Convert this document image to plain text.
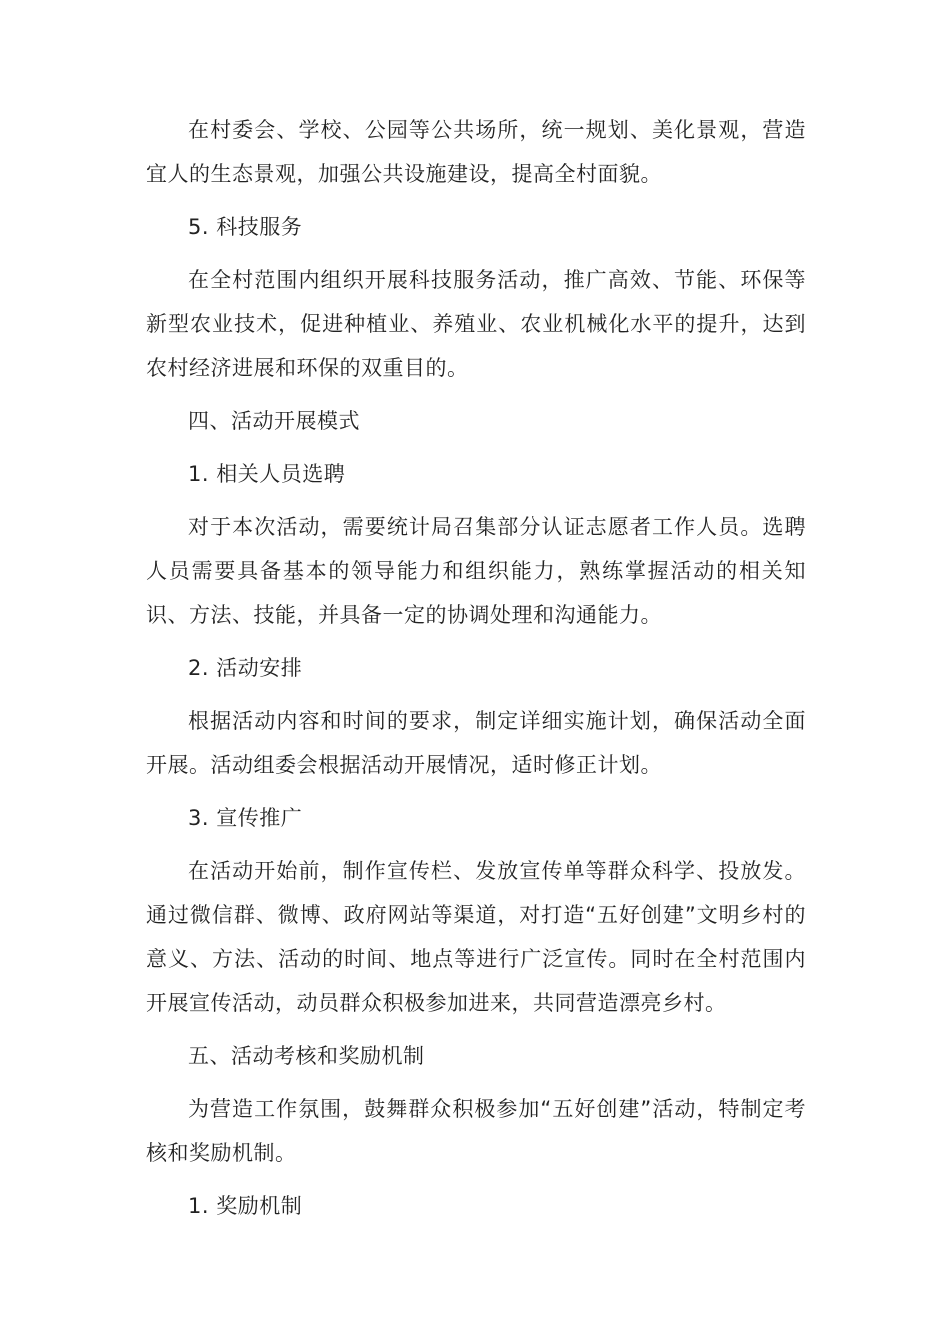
在村委会、学校、公园等公共场所，统一规划、美化景观，营造宜人的生态景观，加强公共设施建设，提高全村面貌。

5. 科技服务

在全村范围内组织开展科技服务活动，推广高效、节能、环保等新型农业技术，促进种植业、养殖业、农业机械化水平的提升，达到农村经济进展和环保的双重目的。

四、活动开展模式

1. 相关人员选聘

对于本次活动，需要统计局召集部分认证志愿者工作人员。选聘人员需要具备基本的领导能力和组织能力，熟练掌握活动的相关知识、方法、技能，并具备一定的协调处理和沟通能力。

2. 活动安排

根据活动内容和时间的要求，制定详细实施计划，确保活动全面开展。活动组委会根据活动开展情况，适时修正计划。

3. 宣传推广

在活动开始前，制作宣传栏、发放宣传单等群众科学、投放发。通过微信群、微博、政府网站等渠道，对打造“五好创建”文明乡村的意义、方法、活动的时间、地点等进行广泛宣传。同时在全村范围内开展宣传活动，动员群众积极参加进来，共同营造漂亮乡村。

五、活动考核和奖励机制

为营造工作氛围，鼓舞群众积极参加“五好创建”活动，特制定考核和奖励机制。

1. 奖励机制
